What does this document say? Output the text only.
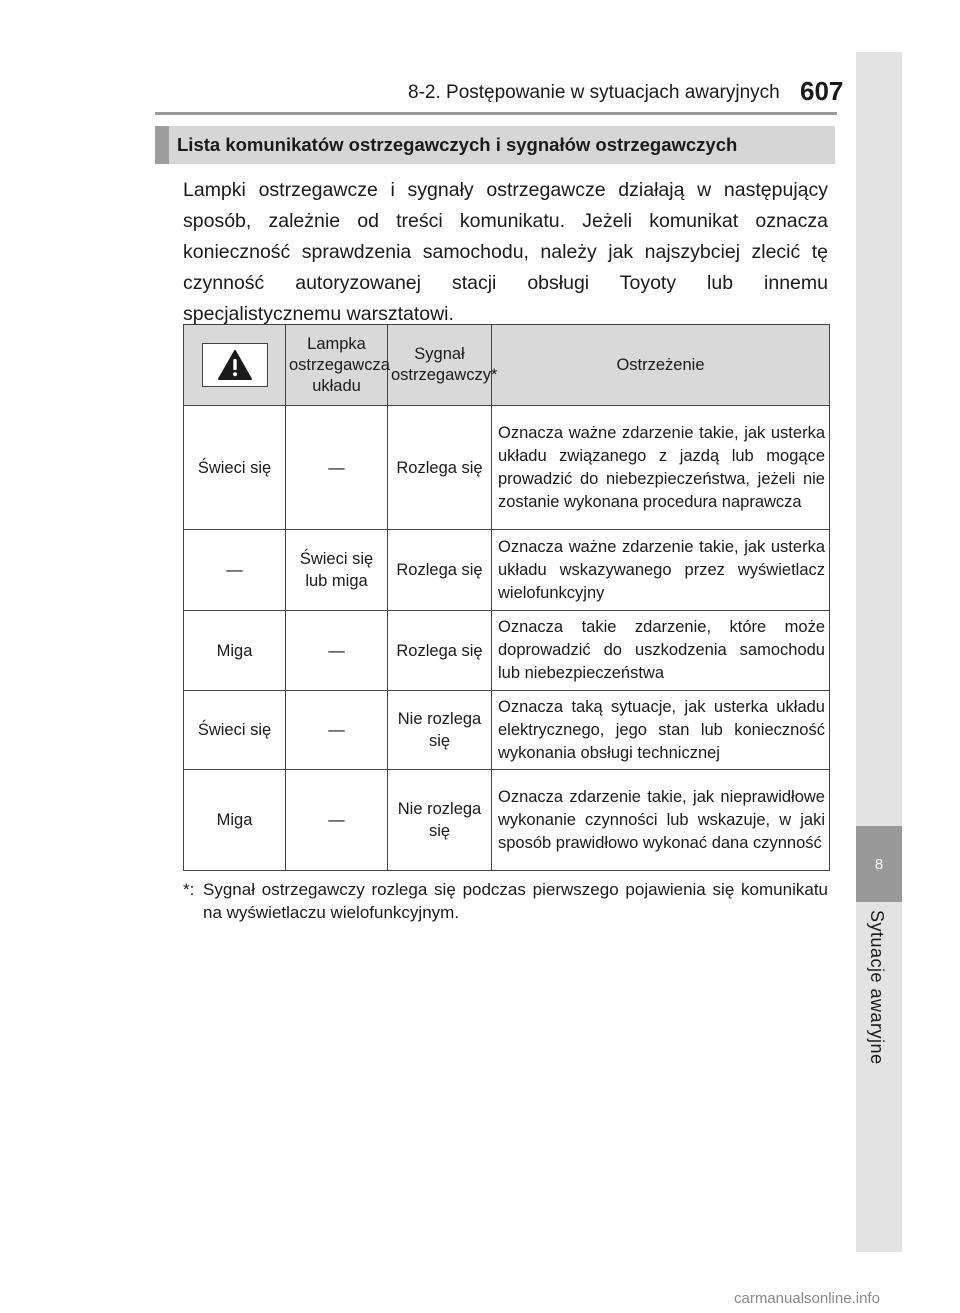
8-2. Postępowanie w sytuacjach awaryjnych 607
8
Sytuacje awaryjne
Lista komunikatów ostrzegawczych i sygnałów ostrzegawczych

Lampki ostrzegawcze i sygnały ostrzegawcze działają w następujący sposób, zależnie od treści komunikatu. Jeżeli komunikat oznacza konieczność sprawdzenia samochodu, należy jak najszybciej zlecić tę czynność autoryzowanej stacji obsługi Toyoty lub innemu specjalistycznemu warsztatowi.

	Lampka ostrzegawcza układu	Sygnał ostrzegawczy*	Ostrzeżenie
Świeci się	—	Rozlega się	Oznacza ważne zdarzenie takie, jak usterka układu związanego z jazdą lub mogące prowadzić do niebezpieczeństwa, jeżeli nie zostanie wykonana procedura naprawcza
—	Świeci się lub miga	Rozlega się	Oznacza ważne zdarzenie takie, jak usterka układu wskazywanego przez wyświetlacz wielofunkcyjny
Miga	—	Rozlega się	Oznacza takie zdarzenie, które może doprowadzić do uszkodzenia samochodu lub niebezpieczeństwa
Świeci się	—	Nie rozlega się	Oznacza taką sytuacje, jak usterka układu elektrycznego, jego stan lub konieczność wykonania obsługi technicznej
Miga	—	Nie rozlega się	Oznacza zdarzenie takie, jak nieprawidłowe wykonanie czynności lub wskazuje, w jaki sposób prawidłowo wykonać dana czynność
*: Sygnał ostrzegawczy rozlega się podczas pierwszego pojawienia się komunikatu na wyświetlaczu wielofunkcyjnym.
carmanualsonline.info
